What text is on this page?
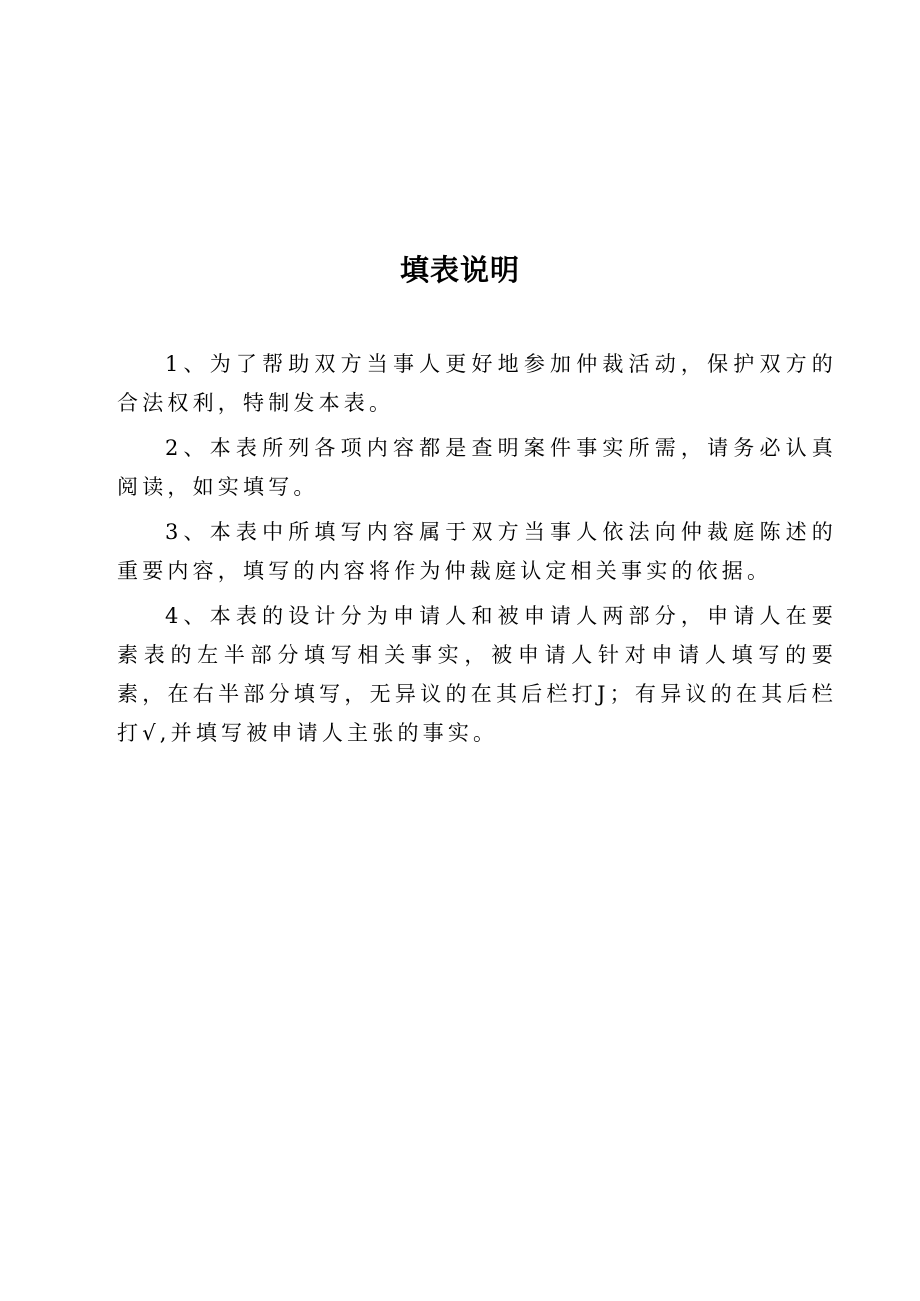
填表说明

1、为了帮助双方当事人更好地参加仲裁活动，保护双方的合法权利，特制发本表。

2、本表所列各项内容都是查明案件事实所需，请务必认真阅读，如实填写。

3、本表中所填写内容属于双方当事人依法向仲裁庭陈述的重要内容，填写的内容将作为仲裁庭认定相关事实的依据。

4、本表的设计分为申请人和被申请人两部分，申请人在要素表的左半部分填写相关事实，被申请人针对申请人填写的要素，在右半部分填写，无异议的在其后栏打J；有异议的在其后栏打√,并填写被申请人主张的事实。
